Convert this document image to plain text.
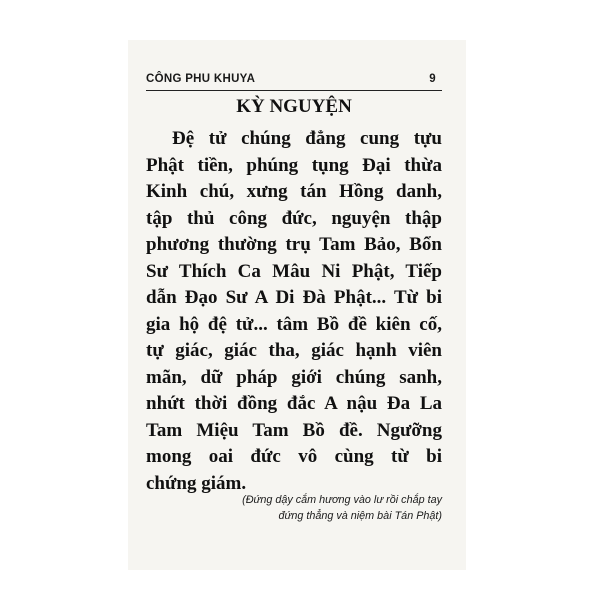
CÔNG PHU KHUYA	9
KỲ NGUYỆN
Đệ tử chúng đẳng cung tựu
Phật tiền, phúng tụng Đại thừa
Kinh chú, xưng tán Hồng danh,
tập thủ công đức, nguyện thập
phương thường trụ Tam Bảo, Bổn
Sư Thích Ca Mâu Ni Phật, Tiếp
dẫn Đạo Sư A Di Đà Phật... Từ bi
gia hộ đệ tử... tâm Bồ đề kiên cố,
tự giác, giác tha, giác hạnh viên
mãn, dữ pháp giới chúng sanh,
nhứt thời đồng đắc A nậu Đa La
Tam Miệu Tam Bồ đề. Ngưỡng
mong oai đức vô cùng từ bi
chứng giám.
(Đứng dậy cắm hương vào lư rồi chắp tay
đứng thẳng và niệm bài Tán Phật)
